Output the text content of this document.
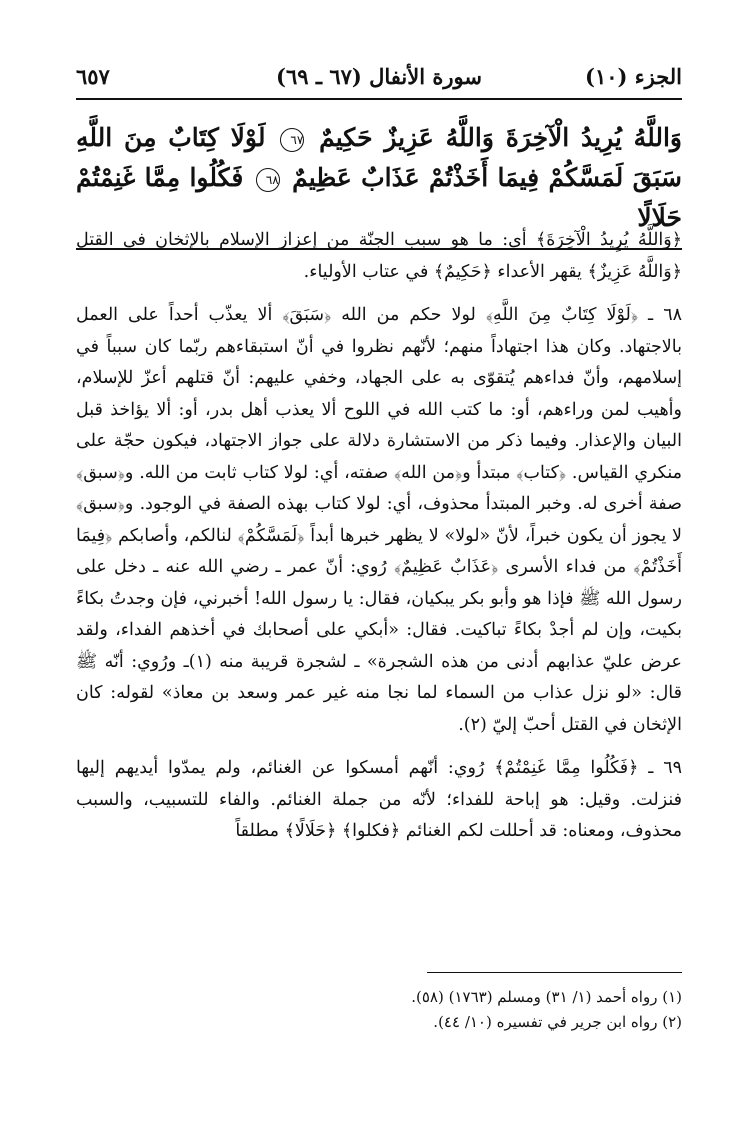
الجزء (١٠)
سورة الأنفال (٦٧ ـ ٦٩)
٦٥٧
وَاللَّهُ يُرِيدُ الْآخِرَةَ وَاللَّهُ عَزِيزٌ حَكِيمٌ ٦٧ لَوْلَا كِتَابٌ مِنَ اللَّهِ سَبَقَ لَمَسَّكُمْ فِيمَا أَخَذْتُمْ عَذَابٌ عَظِيمٌ ٦٨ فَكُلُوا مِمَّا غَنِمْتُمْ حَلَالًا

﴿وَاللَّهُ يُرِيدُ الْآخِرَةَ﴾ أي: ما هو سبب الجنّة من إعزاز الإسلام بالإثخان في القتل ﴿وَاللَّهُ عَزِيزٌ﴾ يقهر الأعداء ﴿حَكِيمٌ﴾ في عتاب الأولياء.

٦٨ ـ ﴿لَوْلَا كِتَابٌ مِنَ اللَّهِ﴾ لولا حكم من الله ﴿سَبَقَ﴾ ألا يعذّب أحداً على العمل بالاجتهاد. وكان هذا اجتهاداً منهم؛ لأنّهم نظروا في أنّ استبقاءهم ربّما كان سبباً في إسلامهم، وأنّ فداءهم يُتقوّى به على الجهاد، وخفي عليهم: أنّ قتلهم أعزّ للإسلام، وأهيب لمن وراءهم، أو: ما كتب الله في اللوح ألا يعذب أهل بدر، أو: ألا يؤاخذ قبل البيان والإعذار. وفيما ذكر من الاستشارة دلالة على جواز الاجتهاد، فيكون حجّة على منكري القياس. ﴿كتاب﴾ مبتدأ و﴿من الله﴾ صفته، أي: لولا كتاب ثابت من الله. و﴿سبق﴾ صفة أخرى له. وخبر المبتدأ محذوف، أي: لولا كتاب بهذه الصفة في الوجود. و﴿سبق﴾ لا يجوز أن يكون خبراً، لأنّ «لولا» لا يظهر خبرها أبداً ﴿لَمَسَّكُمْ﴾ لنالكم، وأصابكم ﴿فِيمَا أَخَذْتُمْ﴾ من فداء الأسرى ﴿عَذَابٌ عَظِيمٌ﴾ رُوي: أنّ عمر ـ رضي الله عنه ـ دخل على رسول الله ﷺ فإذا هو وأبو بكر يبكيان، فقال: يا رسول الله! أخبرني، فإن وجدتُ بكاءً بكيت، وإن لم أجدْ بكاءً تباكيت. فقال: «أبكي على أصحابك في أخذهم الفداء، ولقد عرض عليّ عذابهم أدنى من هذه الشجرة» ـ لشجرة قريبة منه (١)ـ ورُوي: أنّه ﷺ قال: «لو نزل عذاب من السماء لما نجا منه غير عمر وسعد بن معاذ» لقوله: كان الإثخان في القتل أحبّ إليّ (٢).

٦٩ ـ ﴿فَكُلُوا مِمَّا غَنِمْتُمْ﴾ رُوي: أنّهم أمسكوا عن الغنائم، ولم يمدّوا أيديهم إليها فنزلت. وقيل: هو إباحة للفداء؛ لأنّه من جملة الغنائم. والفاء للتسبيب، والسبب محذوف، ومعناه: قد أحللت لكم الغنائم ﴿فكلوا﴾ ﴿حَلَالًا﴾ مطلقاً

(١) رواه أحمد (١/ ٣١) ومسلم (١٧٦٣) (٥٨).
(٢) رواه ابن جرير في تفسيره (١٠/ ٤٤).
